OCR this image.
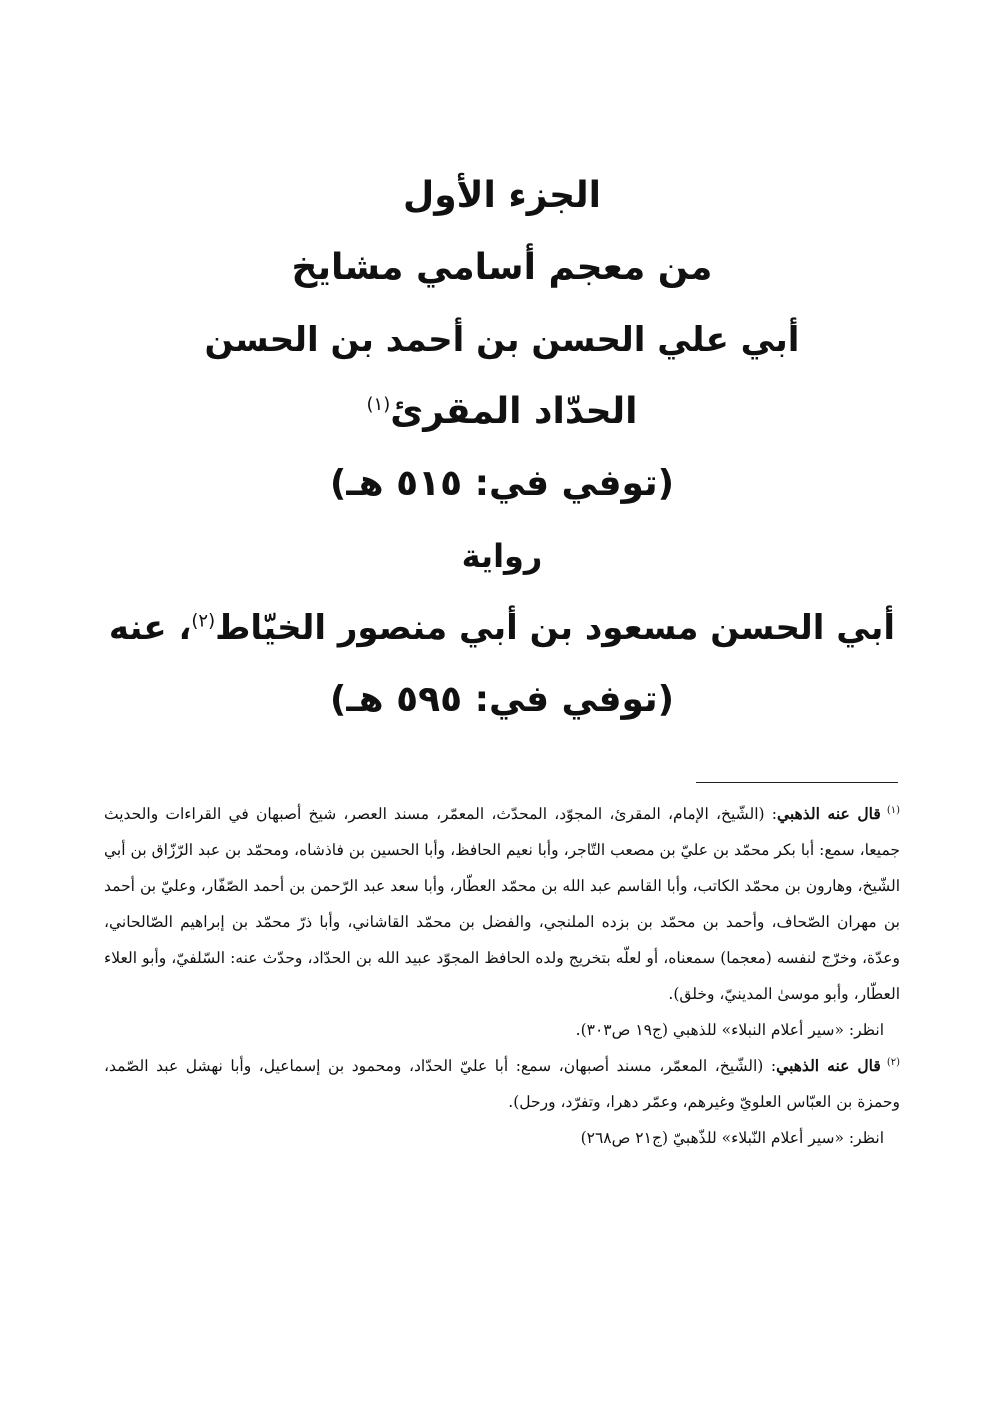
الجزء الأول
من معجم أسامي مشايخ
أبي علي الحسن بن أحمد بن الحسن
الحدّاد المقرئ$^{(١)}$
(توفي في: ٥١٥ هـ)
رواية
أبي الحسن مسعود بن أبي منصور الخيّاط$^{(٢)}$، عنه
(توفي في: ٥٩٥ هـ)

$^{(١)}$قال عنه الذهبي: (الشّيخ، الإمام، المقرئ، المجوّد، المحدّث، المعمّر، مسند العصر، شيخ أصبهان في القراءات والحديث جميعا، سمع: أبا بكر محمّد بن عليّ بن مصعب التّاجر، وأبا نعيم الحافظ، وأبا الحسين بن فاذشاه، ومحمّد بن عبد الرّزّاق بن أبي الشّيخ، وهارون بن محمّد الكاتب، وأبا القاسم عبد الله بن محمّد العطّار، وأبا سعد عبد الرّحمن بن أحمد الصّفّار، وعليّ بن أحمد بن مهران الصّحاف، وأحمد بن محمّد بن بزده الملنجي، والفضل بن محمّد القاشاني، وأبا ذرّ محمّد بن إبراهيم الصّالحاني، وعدّة، وخرّج لنفسه (معجما) سمعناه، أو لعلّه بتخريج ولده الحافظ المجوّد عبيد الله بن الحدّاد، وحدّث عنه: السّلفيّ، وأبو العلاء العطّار، وأبو موسىٰ المدينيّ، وخلق).

انظر: «سير أعلام النبلاء» للذهبي (ج١٩ ص٣٠٣).

$^{(٢)}$قال عنه الذهبي: (الشّيخ، المعمّر، مسند أصبهان، سمع: أبا عليّ الحدّاد، ومحمود بن إسماعيل، وأبا نهشل عبد الصّمد، وحمزة بن العبّاس العلويّ وغيرهم، وعمّر دهرا، وتفرّد، ورحل).

انظر: «سير أعلام النّبلاء» للذّهبيّ (ج٢١ ص٢٦٨)
